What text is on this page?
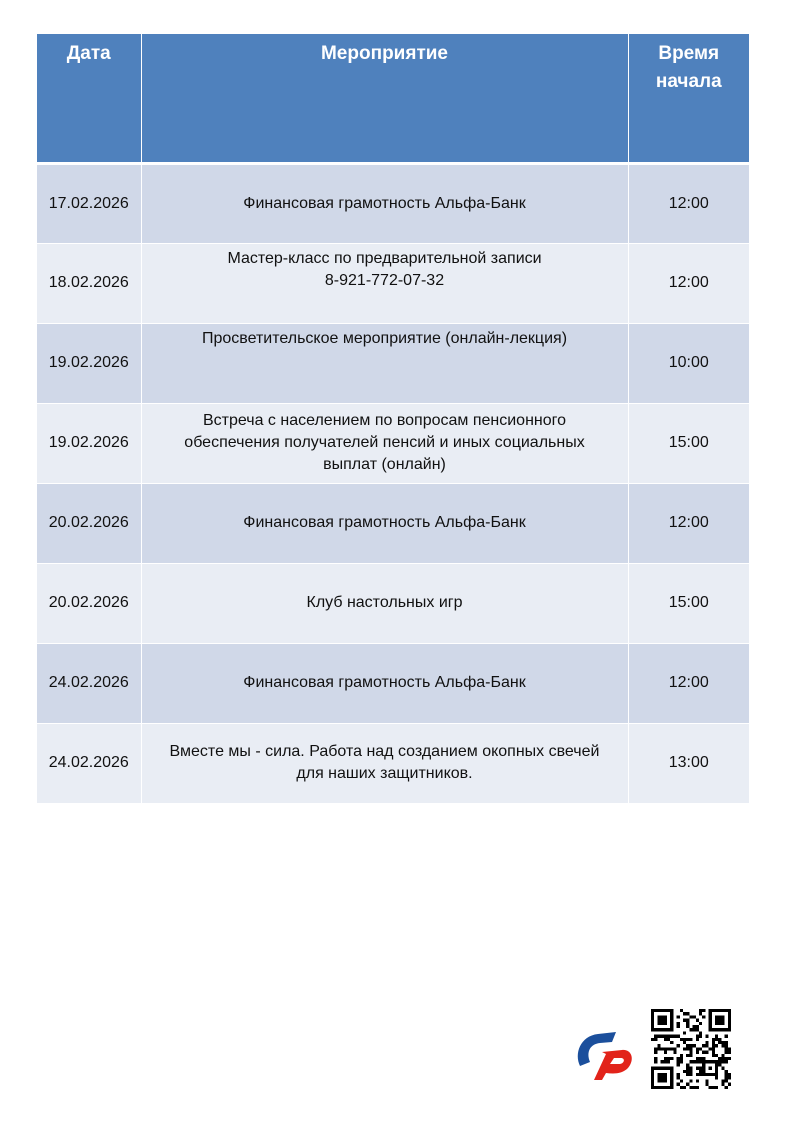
Дата	Мероприятие	Время
начала
17.02.2026	Финансовая грамотность Альфа-Банк	12:00
18.02.2026	Мастер-класс по предварительной записи
8-921-772-07-32	12:00
19.02.2026	Просветительское мероприятие (онлайн-лекция)	10:00
19.02.2026	Встреча с населением по вопросам пенсионного
обеспечения получателей пенсий и иных социальных
выплат (онлайн)	15:00
20.02.2026	Финансовая грамотность Альфа-Банк	12:00
20.02.2026	Клуб настольных игр	15:00
24.02.2026	Финансовая грамотность Альфа-Банк	12:00
24.02.2026	Вместе мы - сила. Работа над созданием окопных свечей
для наших защитников.	13:00
